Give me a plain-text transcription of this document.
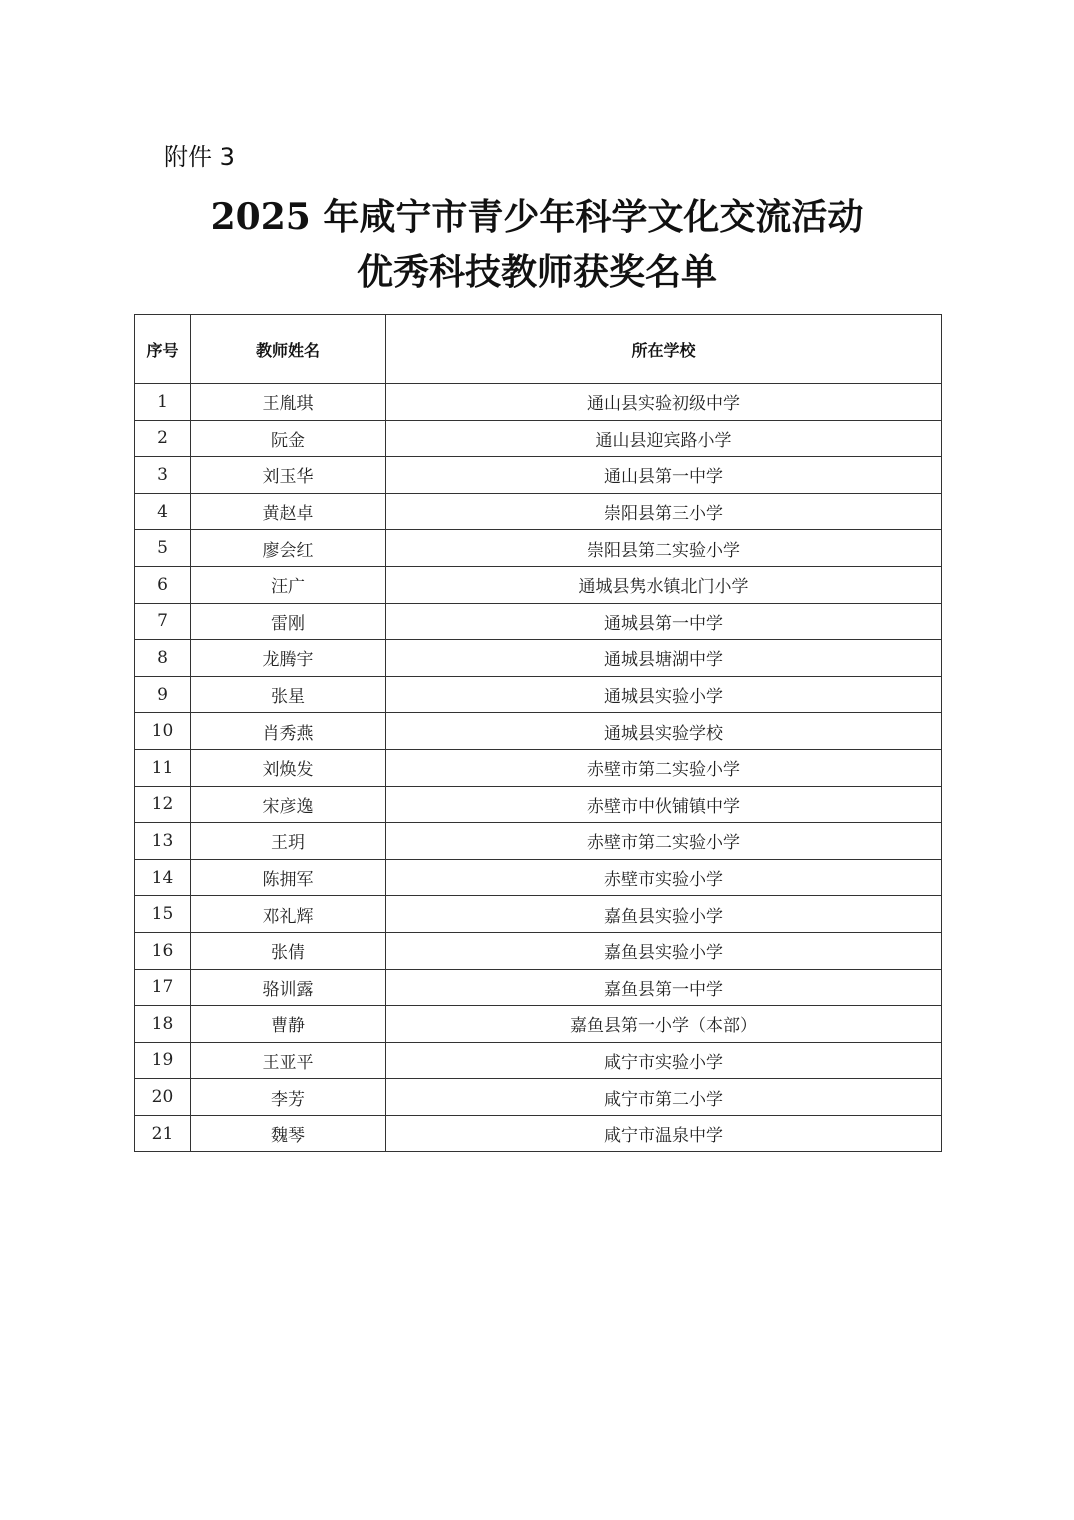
附件 3
2025 年咸宁市青少年科学文化交流活动
优秀科技教师获奖名单
序号	教师姓名	所在学校
1	王胤琪	通山县实验初级中学
2	阮金	通山县迎宾路小学
3	刘玉华	通山县第一中学
4	黄赵卓	崇阳县第三小学
5	廖会红	崇阳县第二实验小学
6	汪广	通城县隽水镇北门小学
7	雷刚	通城县第一中学
8	龙腾宇	通城县塘湖中学
9	张星	通城县实验小学
10	肖秀燕	通城县实验学校
11	刘焕发	赤壁市第二实验小学
12	宋彦逸	赤壁市中伙铺镇中学
13	王玥	赤壁市第二实验小学
14	陈拥军	赤壁市实验小学
15	邓礼辉	嘉鱼县实验小学
16	张倩	嘉鱼县实验小学
17	骆训露	嘉鱼县第一中学
18	曹静	嘉鱼县第一小学（本部）
19	王亚平	咸宁市实验小学
20	李芳	咸宁市第二小学
21	魏琴	咸宁市温泉中学
